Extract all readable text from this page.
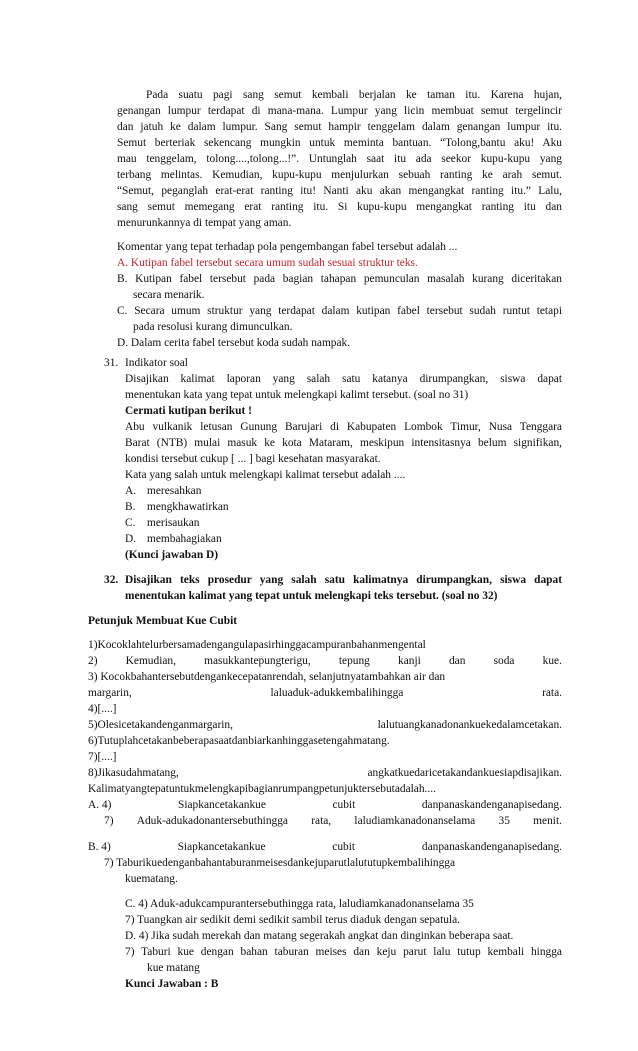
Pada suatu pagi sang semut kembali berjalan ke taman itu. Karena hujan,

genangan lumpur terdapat di mana-mana. Lumpur yang licin membuat semut tergelincir

dan jatuh ke dalam lumpur. Sang semut hampir tenggelam dalam genangan lumpur itu.

Semut berteriak sekencang mungkin untuk meminta bantuan. “Tolong,bantu aku! Aku

mau tenggelam, tolong....,tolong...!”. Untunglah saat itu ada seekor kupu-kupu yang

terbang melintas. Kemudian, kupu-kupu menjulurkan sebuah ranting ke arah semut.

“Semut, peganglah erat-erat ranting itu! Nanti aku akan mengangkat ranting itu.” Lalu,

sang semut memegang erat ranting itu. Si kupu-kupu mengangkat ranting itu dan

menurunkannya di tempat yang aman.

Komentar yang tepat terhadap pola pengembangan fabel tersebut adalah ...

A. Kutipan fabel tersebut secara umum sudah sesuai struktur teks.

B. Kutipan fabel tersebut pada bagian tahapan pemunculan masalah kurang diceritakan

secara menarik.

C. Secara umum struktur yang terdapat dalam kutipan fabel tersebut sudah runtut tetapi

pada resolusi kurang dimunculkan.

D. Dalam cerita fabel tersebut koda sudah nampak.

31. Indikator soal

Disajikan kalimat laporan yang salah satu katanya dirumpangkan, siswa dapat

menentukan kata yang tepat untuk melengkapi kalimt tersebut. (soal no 31)

Cermati kutipan berikut !

Abu vulkanik letusan Gunung Barujari di Kabupaten Lombok Timur, Nusa Tenggara

Barat (NTB) mulai masuk ke kota Mataram, meskipun intensitasnya belum signifikan,

kondisi tersebut cukup [ ... ] bagi kesehatan masyarakat.

Kata yang salah untuk melengkapi kalimat tersebut adalah ....

A. meresahkan

B. mengkhawatirkan

C. merisaukan

D. membahagiakan

(Kunci jawaban D)

32. Disajikan teks prosedur yang salah satu kalimatnya dirumpangkan, siswa dapat

menentukan kalimat yang tepat untuk melengkapi teks tersebut. (soal no 32)

Petunjuk Membuat Kue Cubit

1)Kocoklahtelurbersamadengangulapasirhinggacampuranbahanmengental

2) Kemudian, masukkantepungterigu, tepung kanji dan soda kue.

3) Kocokbahantersebutdengankecepatanrendah, selanjutnyatambahkan air dan

margarin,	laluaduk-adukkembalihingga	rata.

4)[....]

5)Olesicetakandenganmargarin,	lalutuangkanadonankuekedalamcetakan.

6)Tutuplahcetakanbeberapasaatdanbiarkanhinggasetengahmatang.

7)[....]

8)Jikasudahmatang,	angkatkuedaricetakandankuesiapdisajikan.

Kalimatyangtepatuntukmelengkapibagianrumpangpetunjuktersebutadalah....

A. 4)	Siapkancetakankue	cubit	danpanaskandenganapisedang.
7) Aduk-adukadonantersebuthingga rata, laludiamkanadonanselama 35 menit.
B. 4)	Siapkancetakankue	cubit	danpanaskandenganapisedang.

7) Taburikuedenganbahantaburanmeisesdankejuparutlalututupkembalihingga

kuematang.

C. 4) Aduk-adukcampurantersebuthingga rata, laludiamkanadonanselama 35

7) Tuangkan air sedikit demi sedikit sambil terus diaduk dengan sepatula.

D. 4) Jika sudah merekah dan matang segerakah angkat dan dinginkan beberapa saat.

7) Taburi kue dengan bahan taburan meises dan keju parut lalu tutup kembali hingga

kue matang

Kunci Jawaban : B
